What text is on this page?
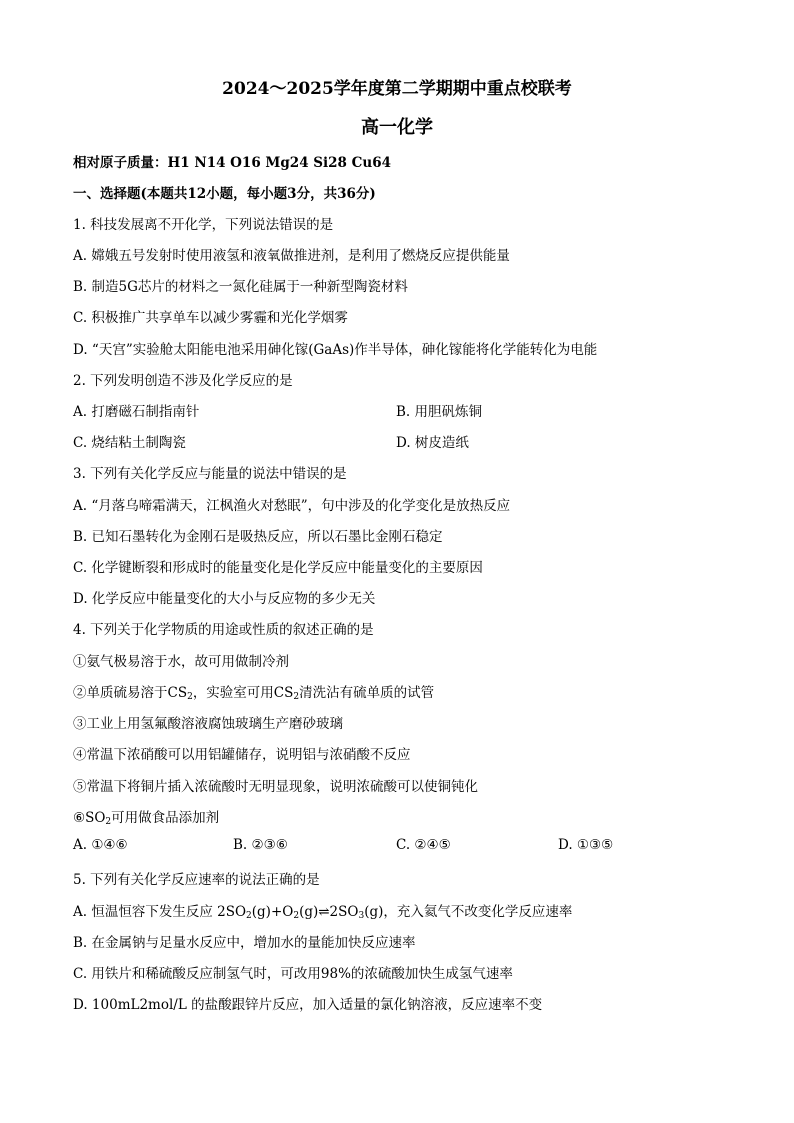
2024～2025学年度第二学期期中重点校联考
高一化学
相对原子质量：H1 N14 O16 Mg24 Si28 Cu64
一、选择题(本题共12小题，每小题3分，共36分)
1. 科技发展离不开化学，下列说法错误的是
A. 嫦娥五号发射时使用液氢和液氧做推进剂，是利用了燃烧反应提供能量
B. 制造5G芯片的材料之一氮化硅属于一种新型陶瓷材料
C. 积极推广共享单车以减少雾霾和光化学烟雾
D. “天宫”实验舱太阳能电池采用砷化镓(GaAs)作半导体，砷化镓能将化学能转化为电能
2. 下列发明创造不涉及化学反应的是
A. 打磨磁石制指南针	B. 用胆矾炼铜
C. 烧结粘土制陶瓷	D. 树皮造纸
3. 下列有关化学反应与能量的说法中错误的是
A. “月落乌啼霜满天，江枫渔火对愁眠”，句中涉及的化学变化是放热反应
B. 已知石墨转化为金刚石是吸热反应，所以石墨比金刚石稳定
C. 化学键断裂和形成时的能量变化是化学反应中能量变化的主要原因
D. 化学反应中能量变化的大小与反应物的多少无关
4. 下列关于化学物质的用途或性质的叙述正确的是
①氨气极易溶于水，故可用做制冷剂
②单质硫易溶于$CS_2$，实验室可用$CS_2$清洗沾有硫单质的试管
③工业上用氢氟酸溶液腐蚀玻璃生产磨砂玻璃
④常温下浓硝酸可以用铝罐储存，说明铝与浓硝酸不反应
⑤常温下将铜片插入浓硫酸时无明显现象，说明浓硫酸可以使铜钝化
$⑥SO_2$可用做食品添加剂
A. ①④⑥	B. ②③⑥	C. ②④⑤	D. ①③⑤
5. 下列有关化学反应速率的说法正确的是
A. 恒温恒容下发生反应 $2SO_2(g)+O_2(g)\rightleftharpoons 2SO_3(g)$，充入氦气不改变化学反应速率
B. 在金属钠与足量水反应中，增加水的量能加快反应速率
C. 用铁片和稀硫酸反应制氢气时，可改用98%的浓硫酸加快生成氢气速率
D. 100mL2mol/L 的盐酸跟锌片反应，加入适量的氯化钠溶液，反应速率不变
